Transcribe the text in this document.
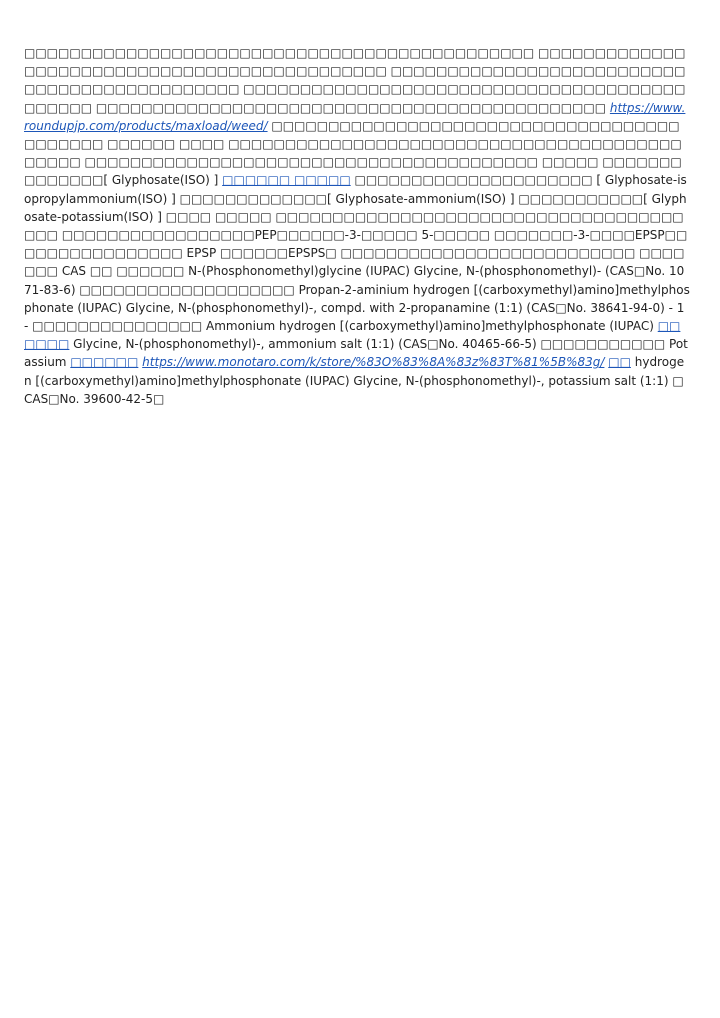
□□□□□□□□□□□□□□□□□□□□□□□□□□□□□□□□□□□□□□□□□□□□□ □□□□□□□□□□□□□□□□□□□□□□□□□□□□□□□□□□□□□□□□□□□□□ □□□□□□□□□□□□□□□□□□□□□□□□□□□□□□□□□□□□□□□□□□□□□ □□□□□□□□□□□□□□□□□□□□□□□□□□□□□□□□□□□□□□□□□□□□□ □□□□□□□□□□□□□□□□□□□□□□□□□□□□□□□□□□□□□□□□□□□□□ https://www.roundupjp.com/products/maxload/weed/ □□□□□□□□□□□□□□□□□□□□□□□□□□□□□□□□□□□□□□□□□□□ □□□□□□ □□□□ □□□□□□□□□□□□□□□□□□□□□□□□□□□□□□□□□□□□□□□□□□□□□ □□□□□□□□□□□□□□□□□□□□□□□□□□□□□□□□□□□□□□□□ □□□□□ □□□□□□□□□□□□□□[ Glyphosate(ISO) ] □□□□□□ □□□□□ □□□□□□□□□□□□□□□□□□□□□ [ Glyphosate-isopropylammonium(ISO) ] □□□□□□□□□□□□□[ Glyphosate-ammonium(ISO) ] □□□□□□□□□□□[ Glyphosate-potassium(ISO) ] □□□□ □□□□□ □□□□□□□□□□□□□□□□□□□□□□□□□□□□□□□□□□□□□□□ □□□□□□□□□□□□□□□□□PEP□□□□□□-3-□□□□□ 5-□□□□□ □□□□□□□-3-□□□□EPSP□□□□□□□□□□□□□□□□ EPSP □□□□□□EPSPS□ □□□□□□□□□□□□□□□□□□□□□□□□□□ □□□□□□□ CAS □□ □□□□□□ N-(Phosphonomethyl)glycine (IUPAC) Glycine, N-(phosphonomethyl)- (CAS□No. 1071-83-6) □□□□□□□□□□□□□□□□□□□ Propan-2-aminium hydrogen [(carboxymethyl)amino]methylphosphonate (IUPAC) Glycine, N-(phosphonomethyl)-, compd. with 2-propanamine (1:1) (CAS□No. 38641-94-0) - 1 - □□□□□□□□□□□□□□□ Ammonium hydrogen [(carboxymethyl)amino]methylphosphonate (IUPAC) □□□□□□ Glycine, N-(phosphonomethyl)-, ammonium salt (1:1) (CAS□No. 40465-66-5) □□□□□□□□□□□ Potassium □□□□□□ https://www.monotaro.com/k/store/%83O%83%8A%83z%83T%81%5B%83g/ □□ hydrogen [(carboxymethyl)amino]methylphosphonate (IUPAC) Glycine, N-(phosphonomethyl)-, potassium salt (1:1) □CAS□No. 39600-42-5□
